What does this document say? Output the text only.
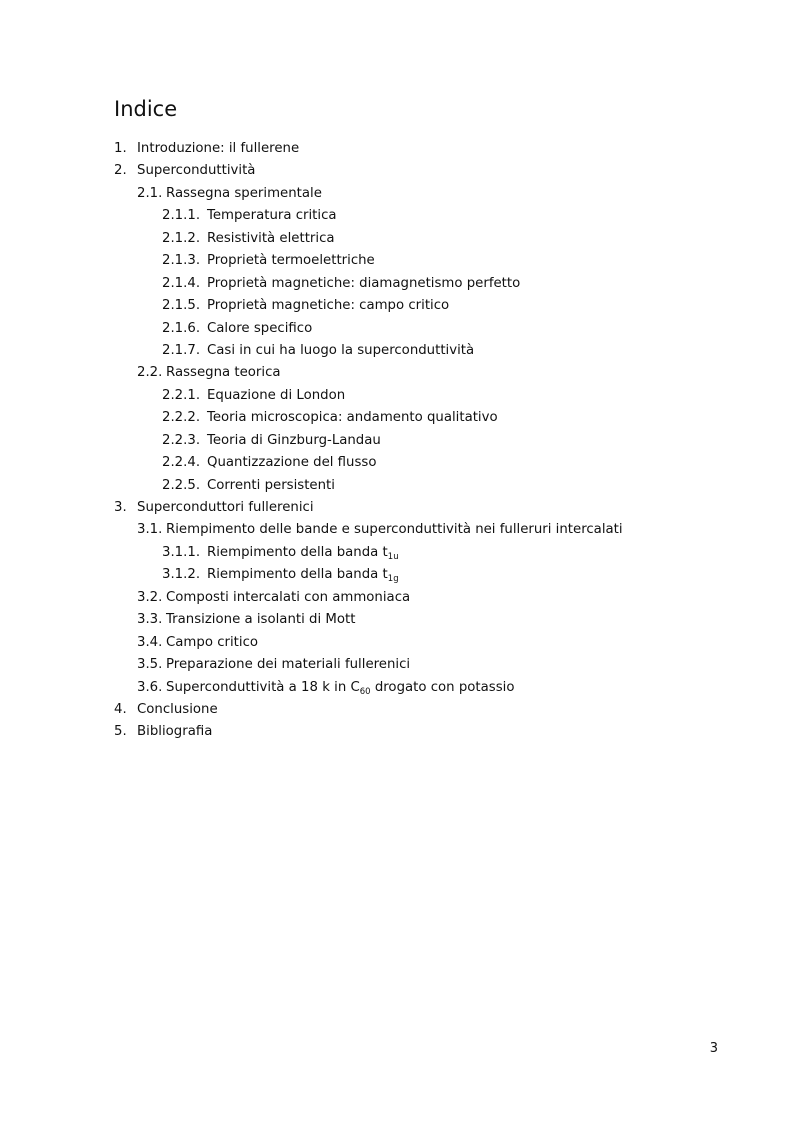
Indice
1. Introduzione: il fullerene
2. Superconduttività
2.1. Rassegna sperimentale
2.1.1. Temperatura critica
2.1.2. Resistività elettrica
2.1.3. Proprietà termoelettriche
2.1.4. Proprietà magnetiche: diamagnetismo perfetto
2.1.5. Proprietà magnetiche: campo critico
2.1.6. Calore specifico
2.1.7. Casi in cui ha luogo la superconduttività
2.2. Rassegna teorica
2.2.1. Equazione di London
2.2.2. Teoria microscopica: andamento qualitativo
2.2.3. Teoria di Ginzburg-Landau
2.2.4. Quantizzazione del flusso
2.2.5. Correnti persistenti
3. Superconduttori fullerenici
3.1. Riempimento delle bande e superconduttività nei fulleruri intercalati
3.1.1. Riempimento della banda $t_{1u}$
3.1.2. Riempimento della banda $t_{1g}$
3.2. Composti intercalati con ammoniaca
3.3. Transizione a isolanti di Mott
3.4. Campo critico
3.5. Preparazione dei materiali fullerenici
3.6. Superconduttività a 18 k in $C_{60}$ drogato con potassio
4. Conclusione
5. Bibliografia
3
